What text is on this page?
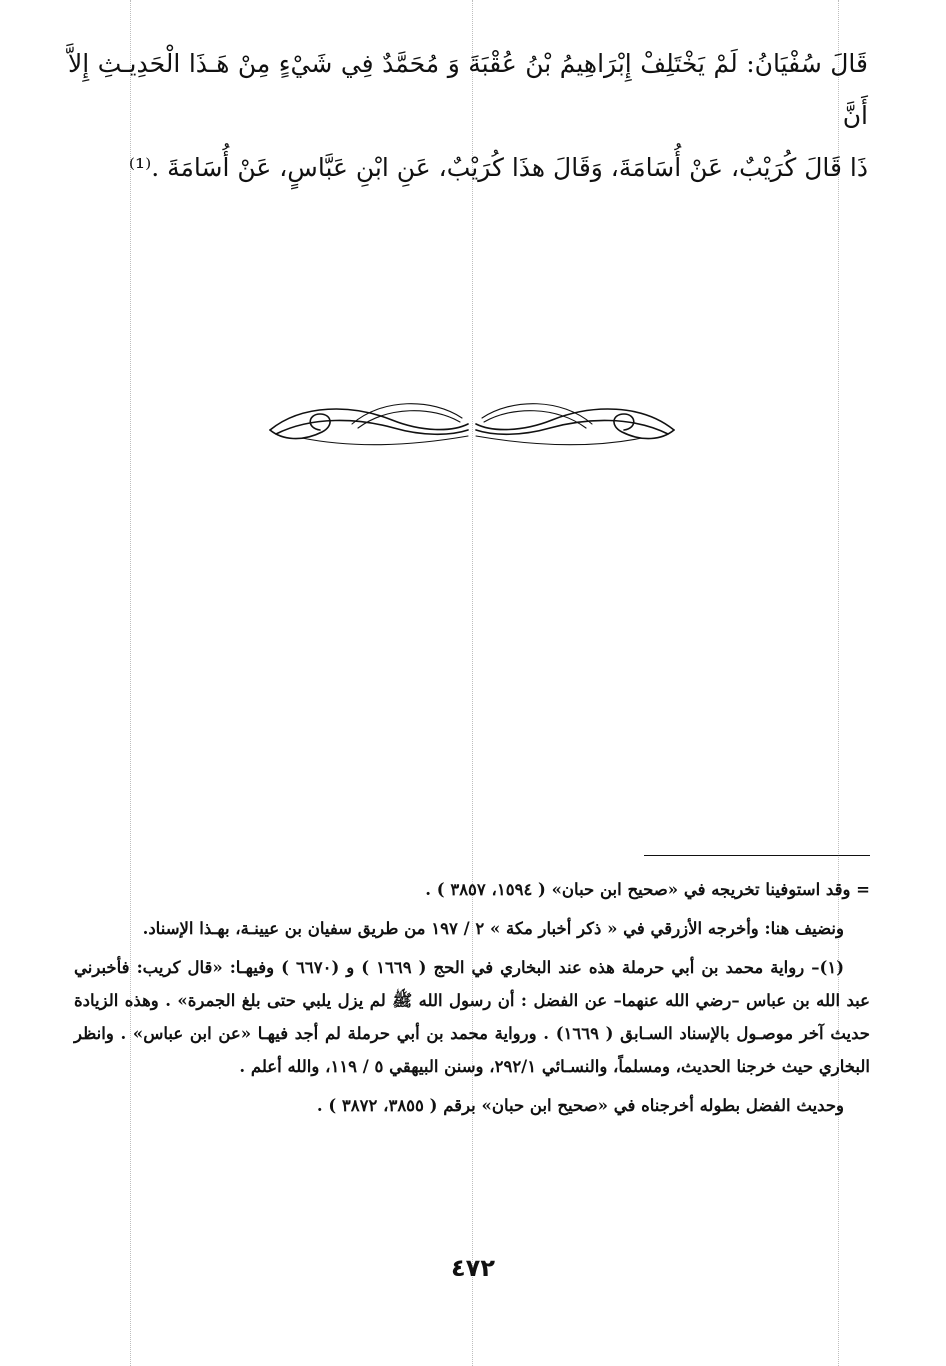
قَالَ سُفْيَانُ: لَمْ يَخْتَلِفْ إِبْرَاهِيمُ بْنُ عُقْبَةَ وَ مُحَمَّدٌ فِي شَيْءٍ مِنْ هَـذَا الْحَدِيـثِ إِلاَّ أَنَّ

ذَا قَالَ كُرَيْبٌ، عَنْ أُسَامَةَ، وَقَالَ هذَا كُرَيْبٌ، عَنِ ابْنِ عَبَّاسٍ، عَنْ أُسَامَةَ .⁽¹⁾

= وقد استوفينا تخريجه في «صحيح ابن حبان» ( ١٥٩٤، ٣٨٥٧ ) .

ونضيف هنا: وأخرجه الأزرقي في « ذكر أخبار مكة » ٢ / ١٩٧ من طريق سفيان بن عيينـة، بهـذا الإسناد.

(١)– رواية محمد بن أبي حرملة هذه عند البخاري في الحج ( ١٦٦٩ ) و (٦٦٧٠ ) وفيهـا: «قال كريب: فأخبرني عبد الله بن عباس –رضي الله عنهما– عن الفضل : أن رسول الله ﷺ لم يزل يلبي حتى بلغ الجمرة» . وهذه الزيادة حديث آخر موصـول بالإسناد السـابق ( ١٦٦٩) . ورواية محمد بن أبي حرملة لم أجد فيهـا «عن ابن عباس» . وانظر البخاري حيث خرجنا الحديث، ومسلماً، والنسـائي ٢٩٢/١، وسنن البيهقي ٥ / ١١٩، والله أعلم .

وحديث الفضل بطوله أخرجناه في «صحيح ابن حبان» برقم ( ٣٨٥٥، ٣٨٧٢ ) .

٤٧٢
